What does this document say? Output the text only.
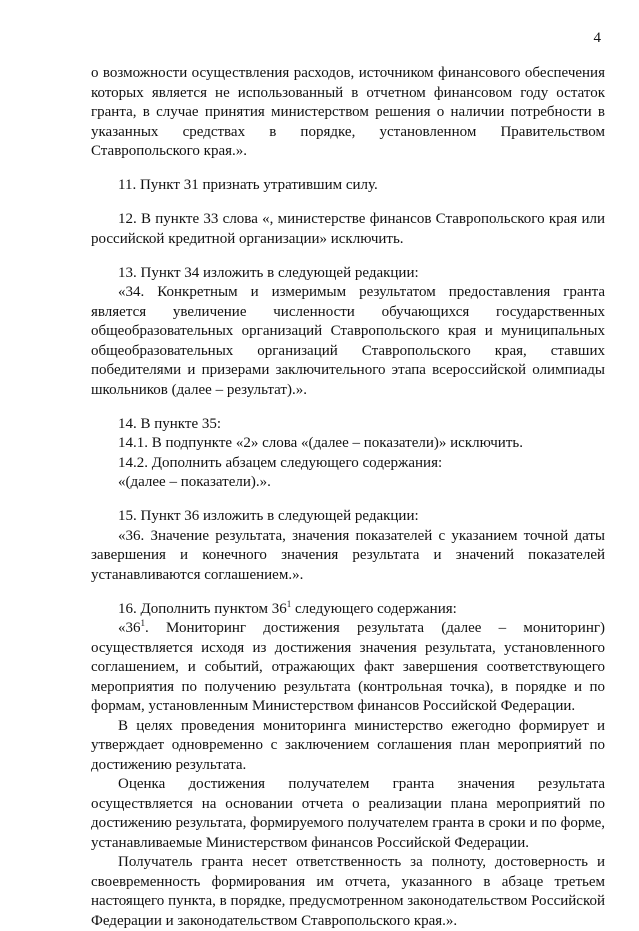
4

о возможности осуществления расходов, источником финансового обеспечения которых является не использованный в отчетном финансовом году остаток гранта, в случае принятия министерством решения о наличии потребности в указанных средствах в порядке, установленном Правительством Ставропольского края.».

11. Пункт 31 признать утратившим силу.

12. В пункте 33 слова «, министерстве финансов Ставропольского края или российской кредитной организации» исключить.

13. Пункт 34 изложить в следующей редакции:

«34. Конкретным и измеримым результатом предоставления гранта является увеличение численности обучающихся государственных общеобразовательных организаций Ставропольского края и муниципальных общеобразовательных организаций Ставропольского края, ставших победителями и призерами заключительного этапа всероссийской олимпиады школьников (далее – результат).».

14. В пункте 35:

14.1. В подпункте «2» слова «(далее – показатели)» исключить.

14.2. Дополнить абзацем следующего содержания:

«(далее – показатели).».

15. Пункт 36 изложить в следующей редакции:

«36. Значение результата, значения показателей с указанием точной даты завершения и конечного значения результата и значений показателей устанавливаются соглашением.».

16. Дополнить пунктом $36^1$ следующего содержания:

«$36^1$. Мониторинг достижения результата (далее – мониторинг) осуществляется исходя из достижения значения результата, установленного соглашением, и событий, отражающих факт завершения соответствующего мероприятия по получению результата (контрольная точка), в порядке и по формам, установленным Министерством финансов Российской Федерации.

В целях проведения мониторинга министерство ежегодно формирует и утверждает одновременно с заключением соглашения план мероприятий по достижению результата.

Оценка достижения получателем гранта значения результата осуществляется на основании отчета о реализации плана мероприятий по достижению результата, формируемого получателем гранта в сроки и по форме, устанавливаемые Министерством финансов Российской Федерации.

Получатель гранта несет ответственность за полноту, достоверность и своевременность формирования им отчета, указанного в абзаце третьем настоящего пункта, в порядке, предусмотренном законодательством Российской Федерации и законодательством Ставропольского края.».
